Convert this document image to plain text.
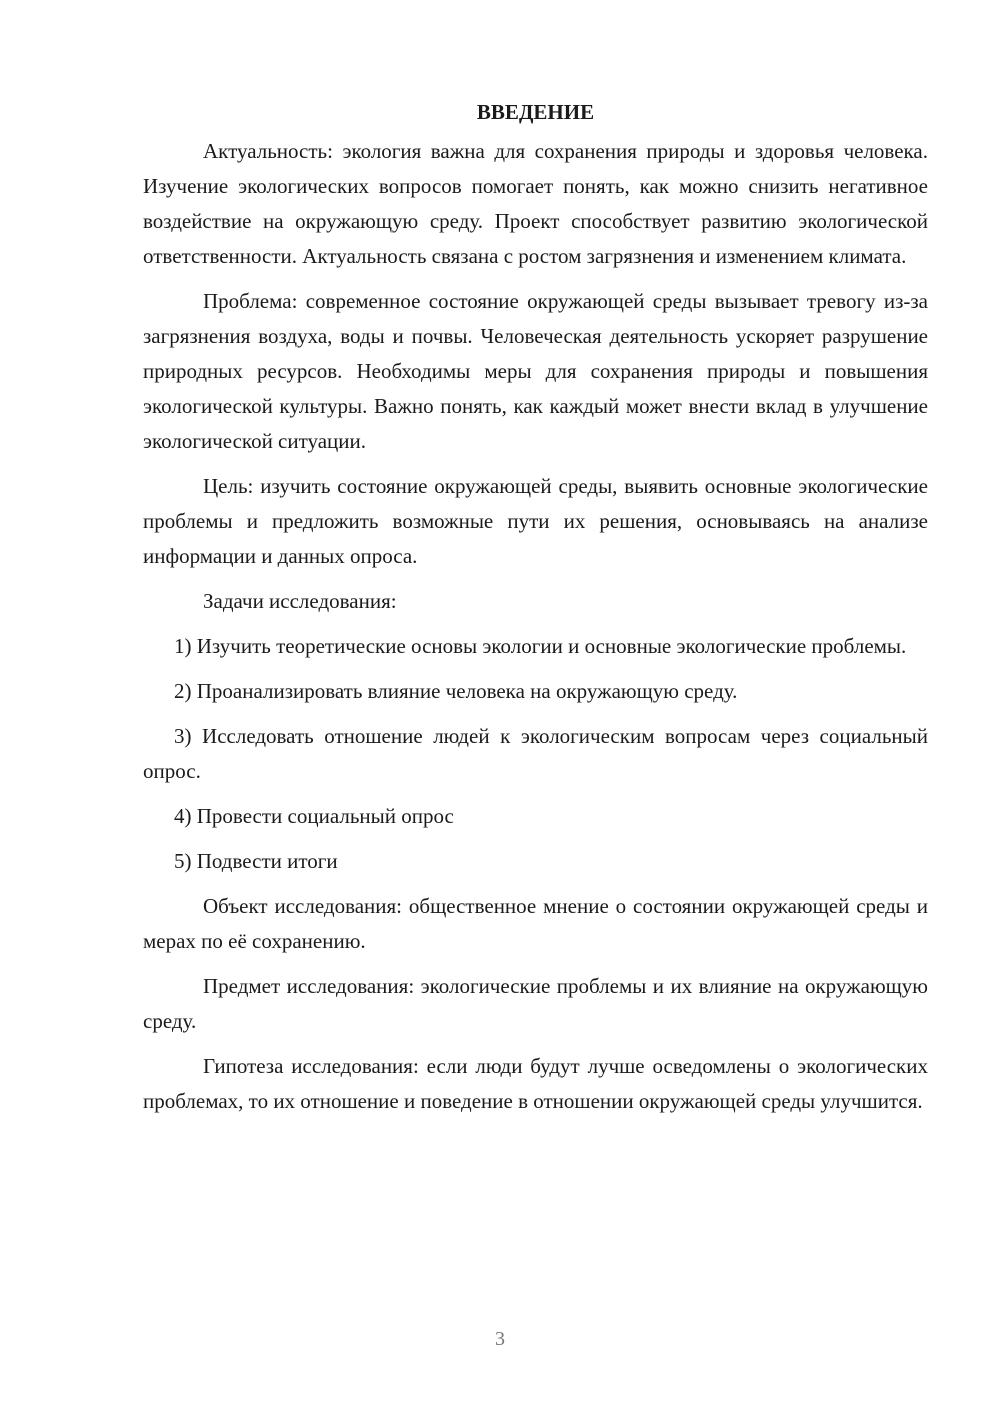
ВВЕДЕНИЕ

Актуальность: экология важна для сохранения природы и здоровья человека. Изучение экологических вопросов помогает понять, как можно снизить негативное воздействие на окружающую среду. Проект способствует развитию экологической ответственности. Актуальность связана с ростом загрязнения и изменением климата.

Проблема: современное состояние окружающей среды вызывает тревогу из-за загрязнения воздуха, воды и почвы. Человеческая деятельность ускоряет разрушение природных ресурсов. Необходимы меры для сохранения природы и повышения экологической культуры. Важно понять, как каждый может внести вклад в улучшение экологической ситуации.

Цель: изучить состояние окружающей среды, выявить основные экологические проблемы и предложить возможные пути их решения, основываясь на анализе информации и данных опроса.

Задачи исследования:

1) Изучить теоретические основы экологии и основные экологические проблемы.

2) Проанализировать влияние человека на окружающую среду.

3) Исследовать отношение людей к экологическим вопросам через социальный опрос.

4) Провести социальный опрос

5) Подвести итоги

Объект исследования: общественное мнение о состоянии окружающей среды и мерах по её сохранению.

Предмет исследования: экологические проблемы и их влияние на окружающую среду.

Гипотеза исследования: если люди будут лучше осведомлены о экологических проблемах, то их отношение и поведение в отношении окружающей среды улучшится.

3
